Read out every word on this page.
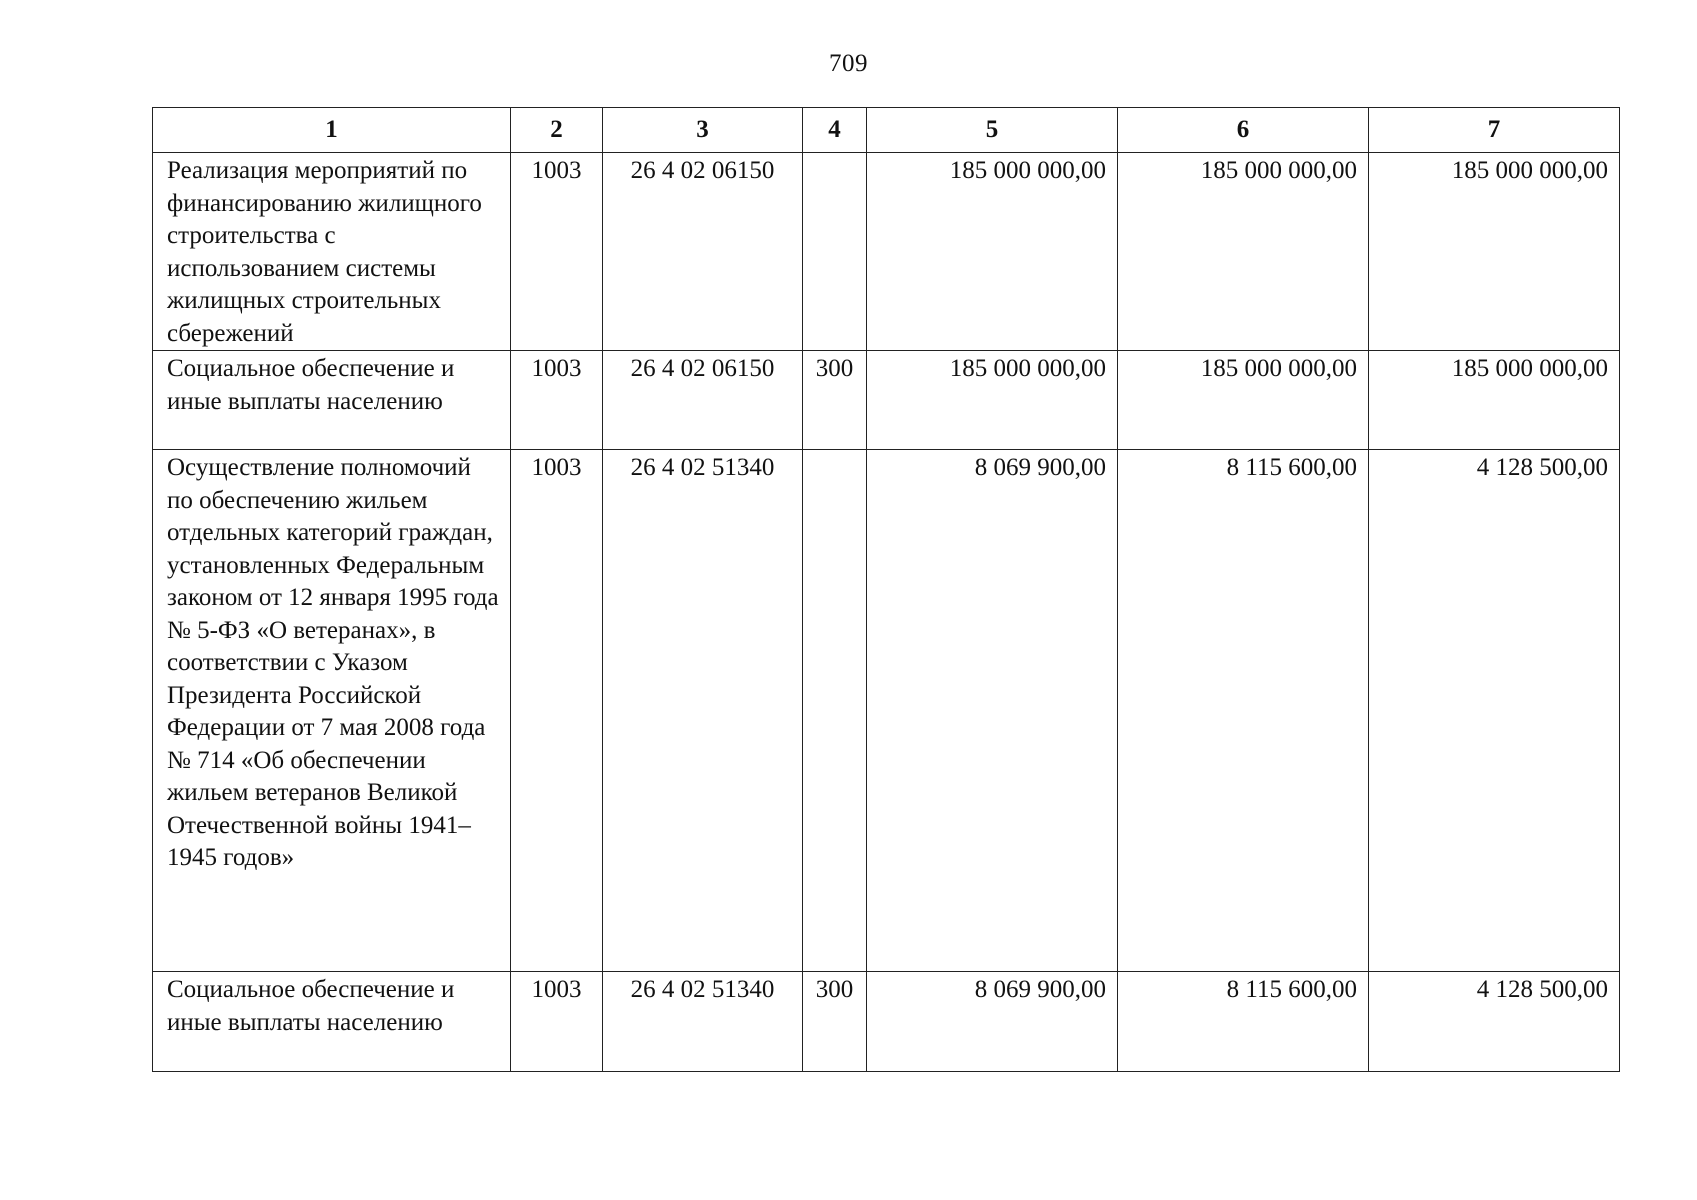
709
1	2	3	4	5	6	7
Реализация мероприятий по финансированию жилищного строительства с использованием системы жилищных строительных сбережений	1003	26 4 02 06150		185 000 000,00	185 000 000,00	185 000 000,00
Социальное обеспечение и иные выплаты населению	1003	26 4 02 06150	300	185 000 000,00	185 000 000,00	185 000 000,00
Осуществление полномочий по обеспечению жильем отдельных категорий граждан, установленных Федеральным законом от 12 января 1995 года № 5-ФЗ «О ветеранах», в соответствии с Указом Президента Российской Федерации от 7 мая 2008 года № 714 «Об обеспечении жильем ветеранов Великой Отечественной войны 1941–1945 годов»	1003	26 4 02 51340		8 069 900,00	8 115 600,00	4 128 500,00
Социальное обеспечение и иные выплаты населению	1003	26 4 02 51340	300	8 069 900,00	8 115 600,00	4 128 500,00
